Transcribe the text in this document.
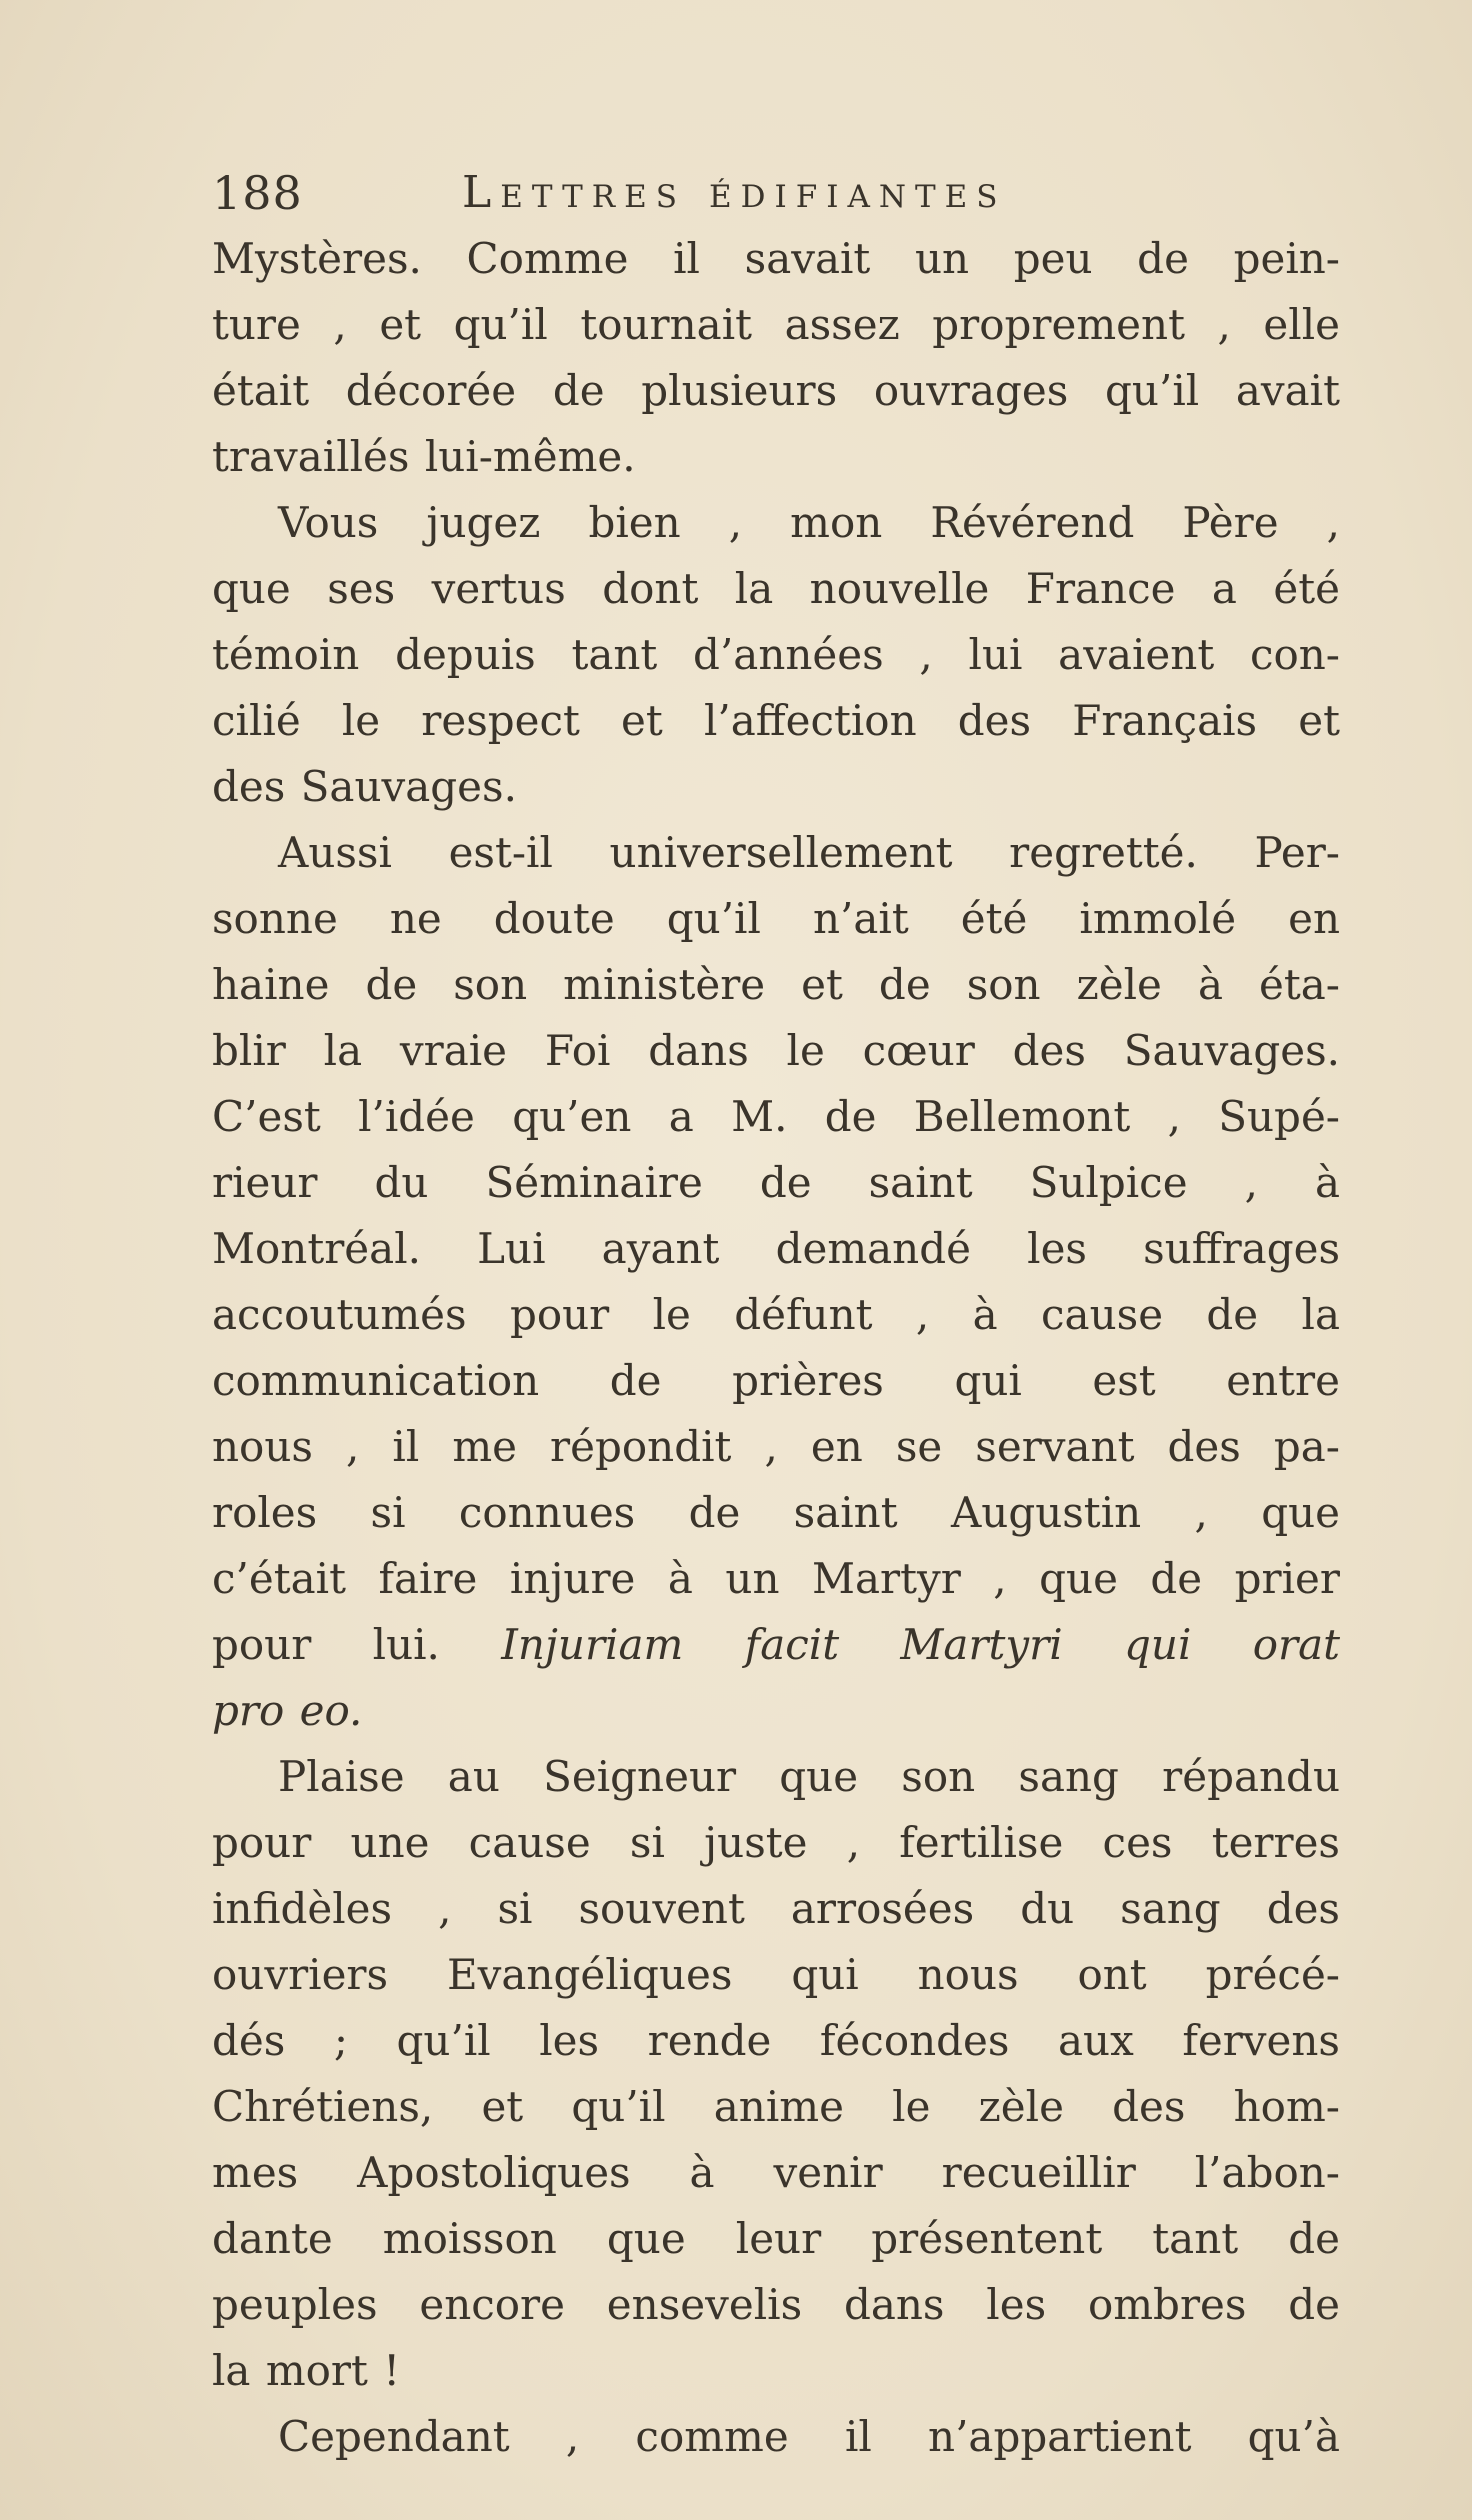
188	Lettres édifiantes
Mystères. Comme il savait un peu de pein-
ture , et qu’il tournait assez proprement , elle
était décorée de plusieurs ouvrages qu’il avait
travaillés lui-même.
Vous jugez bien , mon Révérend Père ,
que ses vertus dont la nouvelle France a été
témoin depuis tant d’années , lui avaient con-
cilié le respect et l’affection des Français et
des Sauvages.
Aussi est-il universellement regretté. Per-
sonne ne doute qu’il n’ait été immolé en
haine de son ministère et de son zèle à éta-
blir la vraie Foi dans le cœur des Sauvages.
C’est l’idée qu’en a M. de Bellemont , Supé-
rieur du Séminaire de saint Sulpice , à
Montréal. Lui ayant demandé les suffrages
accoutumés pour le défunt , à cause de la
communication de prières qui est entre
nous , il me répondit , en se servant des pa-
roles si connues de saint Augustin , que
c’était faire injure à un Martyr , que de prier
pour lui. Injuriam facit Martyri qui orat
pro eo.
Plaise au Seigneur que son sang répandu
pour une cause si juste , fertilise ces terres
infidèles , si souvent arrosées du sang des
ouvriers Evangéliques qui nous ont précé-
dés ; qu’il les rende fécondes aux fervens
Chrétiens, et qu’il anime le zèle des hom-
mes Apostoliques à venir recueillir l’abon-
dante moisson que leur présentent tant de
peuples encore ensevelis dans les ombres de
la mort !
Cependant , comme il n’appartient qu’à
